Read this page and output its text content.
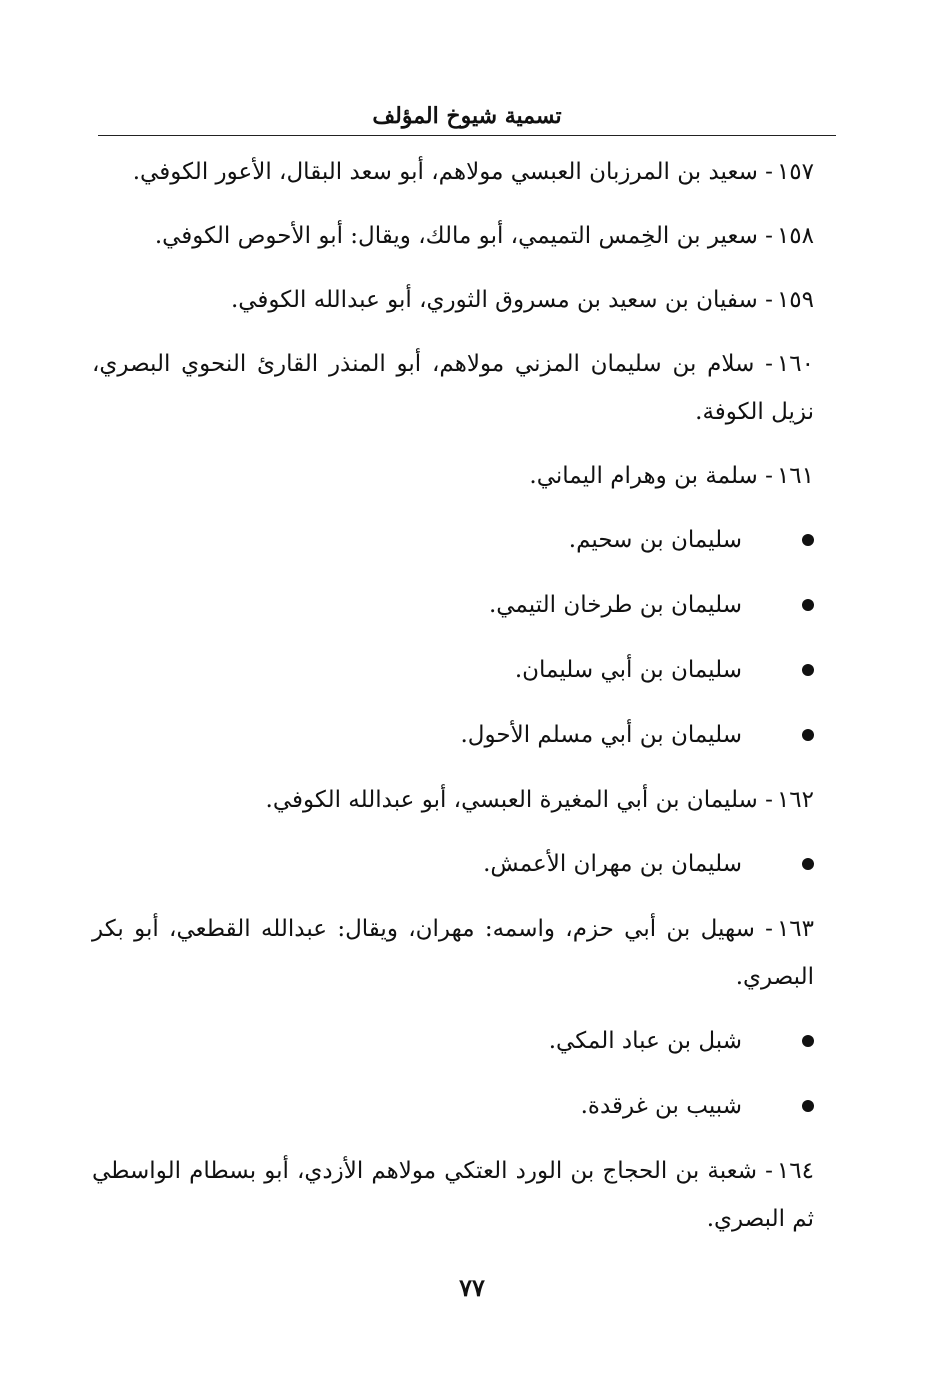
تسمية شيوخ المؤلف
١٥٧- سعيد بن المرزبان العبسي مولاهم، أبو سعد البقال، الأعور الكوفي.
١٥٨- سعير بن الخِمس التميمي، أبو مالك، ويقال: أبو الأحوص الكوفي.
١٥٩- سفيان بن سعيد بن مسروق الثوري، أبو عبدالله الكوفي.
١٦٠- سلام بن سليمان المزني مولاهم، أبو المنذر القارئ النحوي البصري، نزيل الكوفة.
١٦١- سلمة بن وهرام اليماني.
سليمان بن سحيم.
سليمان بن طرخان التيمي.
سليمان بن أبي سليمان.
سليمان بن أبي مسلم الأحول.
١٦٢- سليمان بن أبي المغيرة العبسي، أبو عبدالله الكوفي.
سليمان بن مهران الأعمش.
١٦٣- سهيل بن أبي حزم، واسمه: مهران، ويقال: عبدالله القطعي، أبو بكر البصري.
شبل بن عباد المكي.
شبيب بن غرقدة.
١٦٤- شعبة بن الحجاج بن الورد العتكي مولاهم الأزدي، أبو بسطام الواسطي ثم البصري.
٧٧
